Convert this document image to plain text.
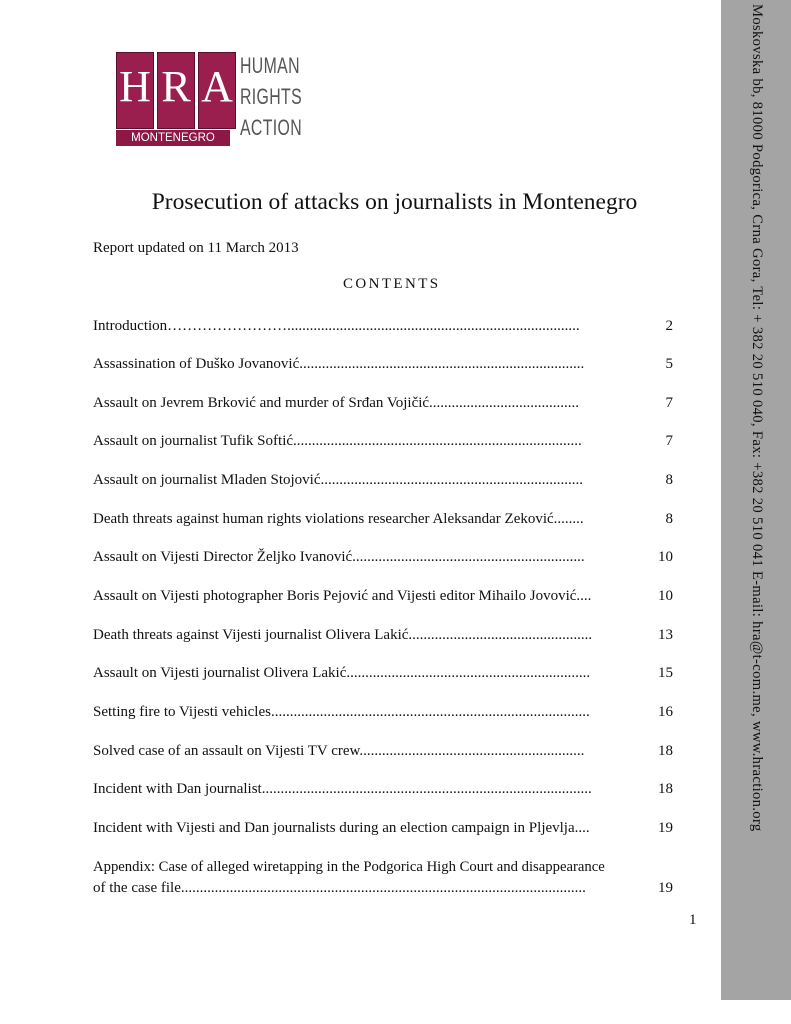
H R A
MONTENEGRO
HUMAN
RIGHTS
ACTION
Prosecution of attacks on journalists in Montenegro
Report updated on 11 March 2013
CONTENTS
Introduction……………………..............................................................................	2
Assassination of Duško Jovanović............................................................................	5
Assault on Jevrem Brković and murder of Srđan Vojičić........................................	7
Assault on journalist Tufik Softić.............................................................................	7
Assault on journalist Mladen Stojović......................................................................	8
Death threats against human rights violations researcher Aleksandar Zeković........	8
Assault on Vijesti Director Željko Ivanović..............................................................	10
Assault on Vijesti photographer Boris Pejović and Vijesti editor Mihailo Jovović....	10
Death threats against Vijesti journalist Olivera Lakić.................................................	13
Assault on Vijesti journalist Olivera Lakić.................................................................	15
Setting fire to Vijesti vehicles.....................................................................................	16
Solved case of an assault on Vijesti TV crew............................................................	18
Incident with Dan journalist........................................................................................	18
Incident with Vijesti and Dan journalists during an election campaign in Pljevlja....	19
Appendix: Case of alleged wiretapping in the Podgorica High Court and disappearance
of the case file............................................................................................................	19
1
Moskovska bb, 81000 Podgorica, Crna Gora, Tel: + 382 20 510 040, Fax: +382 20 510 041 E-mail: hra@t-com.me, www.hraction.org
